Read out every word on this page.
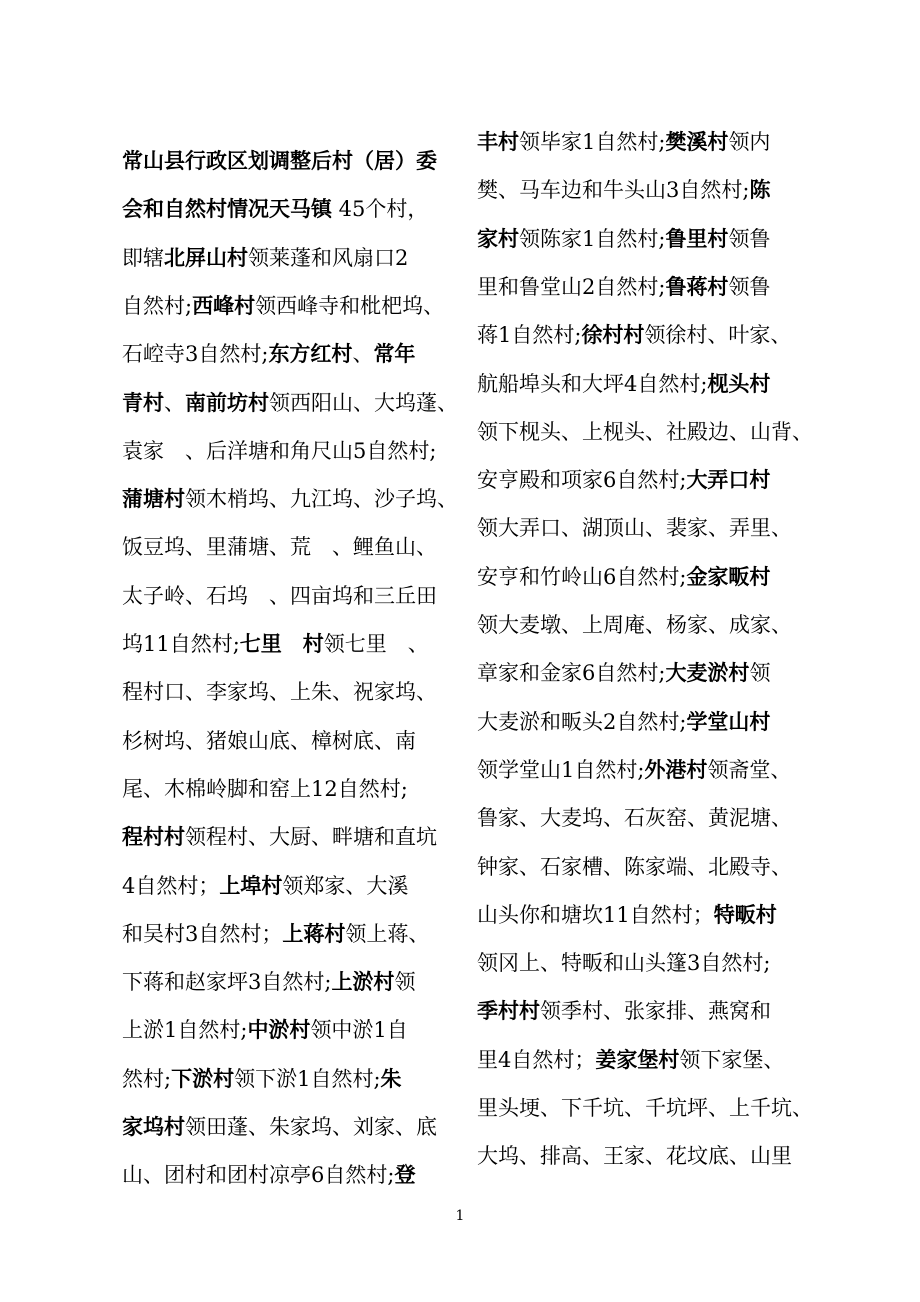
常山县行政区划调整后村（居）委
会和自然村情况天马镇 45个村，
即辖北屏山村领莱蓬和风扇口2
自然村;西峰村领西峰寺和枇杷坞、
石崆寺3自然村;东方红村、常年
青村、南前坊村领西阳山、大坞蓬、
袁家　、后洋塘和角尺山5自然村;
蒲塘村领木梢坞、九江坞、沙子坞、
饭豆坞、里蒲塘、荒　、鲤鱼山、
太子岭、石坞　、四亩坞和三丘田
坞11自然村;七里　村领七里　、
程村口、李家坞、上朱、祝家坞、
杉树坞、猪娘山底、樟树底、南
尾、木棉岭脚和窑上12自然村;
程村村领程村、大厨、畔塘和直坑
4自然村；上埠村领郑家、大溪
和吴村3自然村；上蒋村领上蒋、
下蒋和赵家坪3自然村;上淤村领
上淤1自然村;中淤村领中淤1自
然村;下淤村领下淤1自然村;朱
家坞村领田蓬、朱家坞、刘家、底
山、团村和团村凉亭6自然村;登
丰村领毕家1自然村;樊溪村领内
樊、马车边和牛头山3自然村;陈
家村领陈家1自然村;鲁里村领鲁
里和鲁堂山2自然村;鲁蒋村领鲁
蒋1自然村;徐村村领徐村、叶家、
航船埠头和大坪4自然村;枧头村
领下枧头、上枧头、社殿边、山背、
安亨殿和项家6自然村;大弄口村
领大弄口、湖顶山、裴家、弄里、
安亨和竹岭山6自然村;金家畈村
领大麦墩、上周庵、杨家、成家、
章家和金家6自然村;大麦淤村领
大麦淤和畈头2自然村;学堂山村
领学堂山1自然村;外港村领斋堂、
鲁家、大麦坞、石灰窑、黄泥塘、
钟家、石家槽、陈家端、北殿寺、
山头你和塘坎11自然村；特畈村
领冈上、特畈和山头篷3自然村;
季村村领季村、张家排、燕窝和
里4自然村；姜家堡村领下家堡、
里头埂、下千坑、千坑坪、上千坑、
大坞、排高、王家、花坟底、山里
1
